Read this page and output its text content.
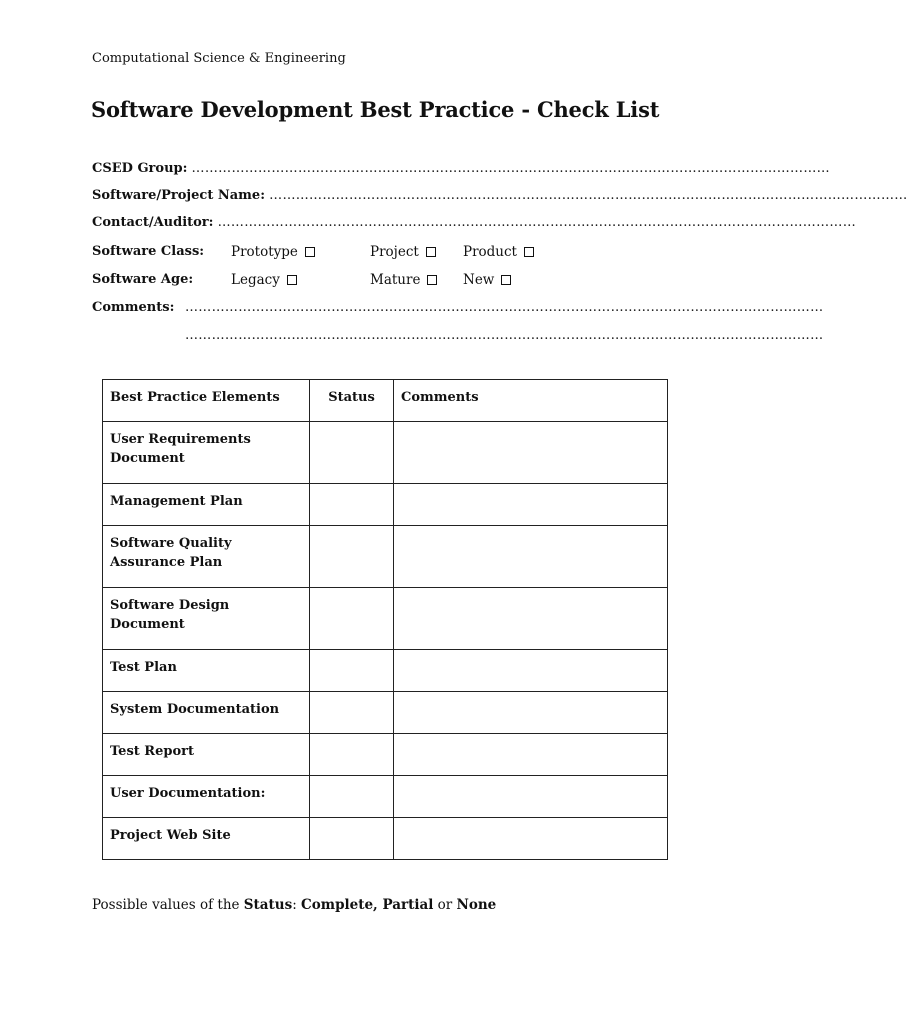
Computational Science & Engineering
Software Development Best Practice - Check List
CSED Group: ………………………………………………………………………………………………………………………………
Software/Project Name: ………………………………………………………………………………………………………………………………
Contact/Auditor: ………………………………………………………………………………………………………………………………
Software Class: Prototype	Project	Product
Software Age:	Legacy	Mature	New
Comments: ………………………………………………………………………………………………………………………………
………………………………………………………………………………………………………………………………
Best Practice Elements	Status	Comments
User Requirements Document		
Management Plan		
Software Quality Assurance Plan		
Software Design Document		
Test Plan		
System Documentation		
Test Report		
User Documentation:		
Project Web Site		
Possible values of the Status: Complete, Partial or None
